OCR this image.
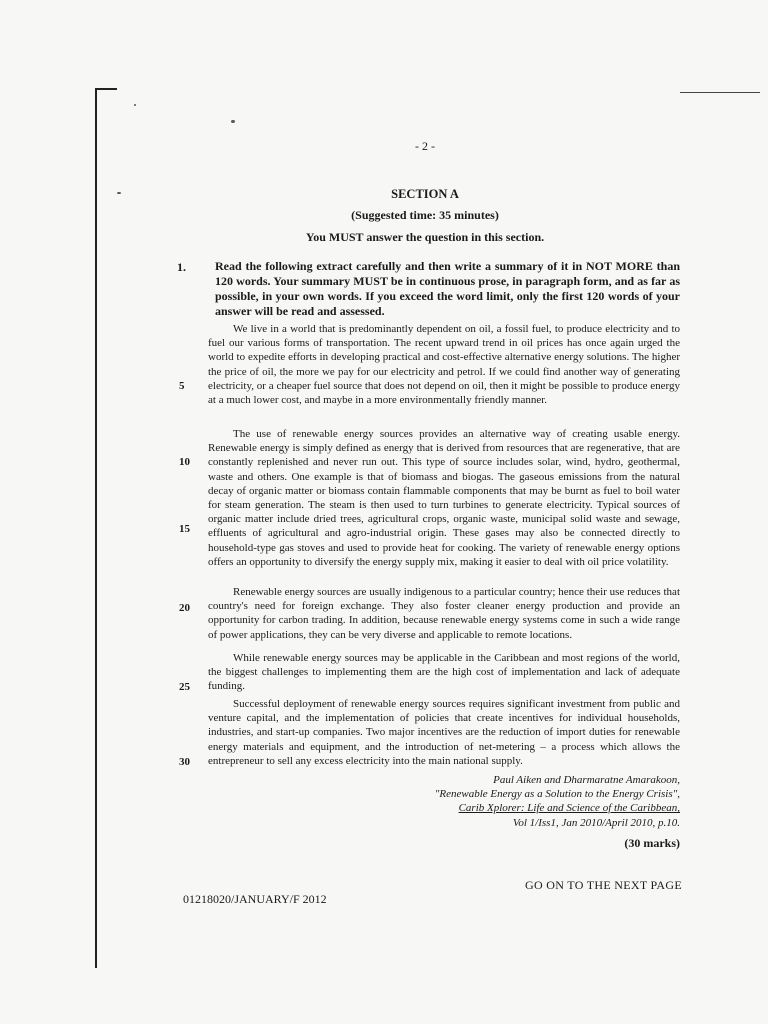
- 2 -
SECTION A
(Suggested time: 35 minutes)
You MUST answer the question in this section.
1. Read the following extract carefully and then write a summary of it in NOT MORE than 120 words. Your summary MUST be in continuous prose, in paragraph form, and as far as possible, in your own words. If you exceed the word limit, only the first 120 words of your answer will be read and assessed.

We live in a world that is predominantly dependent on oil, a fossil fuel, to produce electricity and to fuel our various forms of transportation. The recent upward trend in oil prices has once again urged the world to expedite efforts in developing practical and cost-effective alternative energy solutions. The higher the price of oil, the more we pay for our electricity and petrol. If we could find another way of generating electricity, or a cheaper fuel source that does not depend on oil, then it might be possible to produce energy at a much lower cost, and maybe in a more environmentally friendly manner.

The use of renewable energy sources provides an alternative way of creating usable energy. Renewable energy is simply defined as energy that is derived from resources that are regenerative, that are constantly replenished and never run out. This type of source includes solar, wind, hydro, geothermal, waste and others. One example is that of biomass and biogas. The gaseous emissions from the natural decay of organic matter or biomass contain flammable components that may be burnt as fuel to boil water for steam generation. The steam is then used to turn turbines to generate electricity. Typical sources of organic matter include dried trees, agricultural crops, organic waste, municipal solid waste and sewage, effluents of agricultural and agro-industrial origin. These gases may also be connected directly to household-type gas stoves and used to provide heat for cooking. The variety of renewable energy options offers an opportunity to diversify the energy supply mix, making it easier to deal with oil price volatility.

Renewable energy sources are usually indigenous to a particular country; hence their use reduces that country's need for foreign exchange. They also foster cleaner energy production and provide an opportunity for carbon trading. In addition, because renewable energy systems come in such a wide range of power applications, they can be very diverse and applicable to remote locations.

While renewable energy sources may be applicable in the Caribbean and most regions of the world, the biggest challenges to implementing them are the high cost of implementation and lack of adequate funding.

Successful deployment of renewable energy sources requires significant investment from public and venture capital, and the implementation of policies that create incentives for individual households, industries, and start-up companies. Two major incentives are the reduction of import duties for renewable energy materials and equipment, and the introduction of net-metering – a process which allows the entrepreneur to sell any excess electricity into the main national supply.

5
10
15
20
25
30
Paul Aiken and Dharmaratne Amarakoon,
"Renewable Energy as a Solution to the Energy Crisis",
Carib Xplorer: Life and Science of the Caribbean,
Vol 1/Iss1, Jan 2010/April 2010, p.10.
(30 marks)
GO ON TO THE NEXT PAGE
01218020/JANUARY/F 2012
